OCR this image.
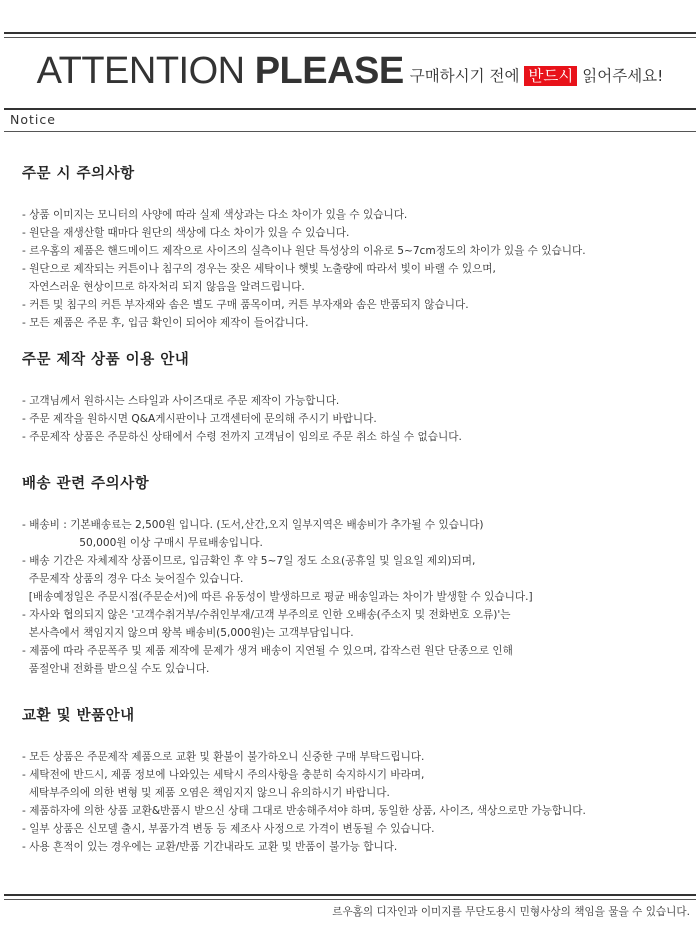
ATTENTION PLEASE 구매하시기 전에 반드시 읽어주세요!
Notice
주문 시 주의사항
- 상품 이미지는 모니터의 사양에 따라 실제 색상과는 다소 차이가 있을 수 있습니다.
- 원단을 재생산할 때마다 원단의 색상에 다소 차이가 있을 수 있습니다.
- 르우홈의 제품은 핸드메이드 제작으로 사이즈의 실측이나 원단 특성상의 이유로 5~7cm정도의 차이가 있을 수 있습니다.
- 원단으로 제작되는 커튼이나 침구의 경우는 잦은 세탁이나 햇빛 노출량에 따라서 빛이 바랠 수 있으며,
자연스러운 현상이므로 하자처리 되지 않음을 알려드립니다.
- 커튼 및 침구의 커튼 부자재와 솜은 별도 구매 품목이며, 커튼 부자재와 솜은 반품되지 않습니다.
- 모든 제품은 주문 후, 입금 확인이 되어야 제작이 들어갑니다.
주문 제작 상품 이용 안내
- 고객님께서 원하시는 스타일과 사이즈대로 주문 제작이 가능합니다.
- 주문 제작을 원하시면 Q&A게시판이나 고객센터에 문의해 주시기 바랍니다.
- 주문제작 상품은 주문하신 상태에서 수령 전까지 고객님이 임의로 주문 취소 하실 수 없습니다.
배송 관련 주의사항
- 배송비 : 기본배송료는 2,500원 입니다. (도서,산간,오지 일부지역은 배송비가 추가될 수 있습니다)
50,000원 이상 구매시 무료배송입니다.
- 배송 기간은 자체제작 상품이므로, 입금확인 후 약 5~7일 정도 소요(공휴일 및 일요일 제외)되며,
주문제작 상품의 경우 다소 늦어질수 있습니다.
[배송예정일은 주문시점(주문순서)에 따른 유동성이 발생하므로 평균 배송일과는 차이가 발생할 수 있습니다.]
- 자사와 협의되지 않은 '고객수취거부/수취인부재/고객 부주의로 인한 오배송(주소지 및 전화번호 오류)'는
본사측에서 책임지지 않으며 왕복 배송비(5,000원)는 고객부담입니다.
- 제품에 따라 주문폭주 및 제품 제작에 문제가 생겨 배송이 지연될 수 있으며, 갑작스런 원단 단종으로 인해
품절안내 전화를 받으실 수도 있습니다.
교환 및 반품안내
- 모든 상품은 주문제작 제품으로 교환 및 환불이 불가하오니 신중한 구매 부탁드립니다.
- 세탁전에 반드시, 제품 정보에 나와있는 세탁시 주의사항을 충분히 숙지하시기 바라며,
세탁부주의에 의한 변형 및 제품 오염은 책임지지 않으니 유의하시기 바랍니다.
- 제품하자에 의한 상품 교환&반품시 받으신 상태 그대로 반송해주셔야 하며, 동일한 상품, 사이즈, 색상으로만 가능합니다.
- 일부 상품은 신모델 출시, 부품가격 변동 등 제조사 사정으로 가격이 변동될 수 있습니다.
- 사용 흔적이 있는 경우에는 교환/반품 기간내라도 교환 및 반품이 불가능 합니다.
르우홈의 디자인과 이미지를 무단도용시 민형사상의 책임을 물을 수 있습니다.
